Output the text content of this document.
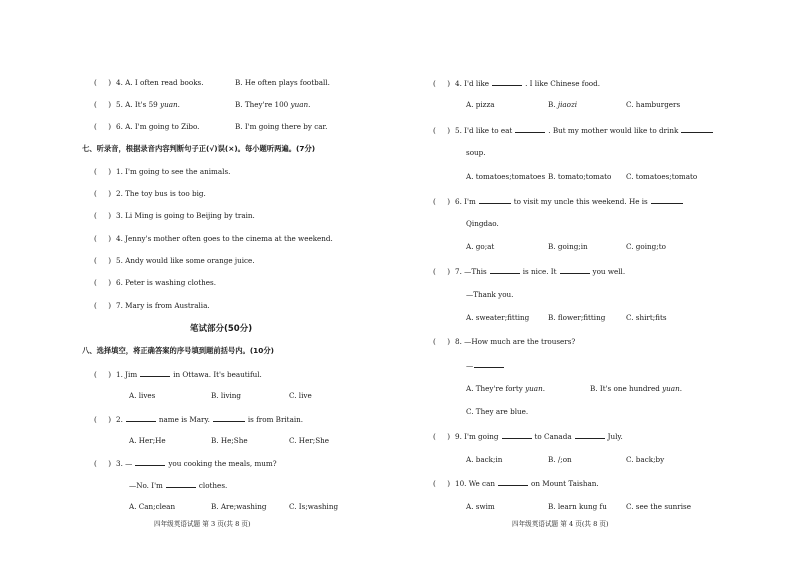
(     ) 4. A. I often read books.	B. He often plays football.
(     ) 5. A. It's 59 yuan.	B. They're 100 yuan.
(     ) 6. A. I'm going to Zibo.	B. I'm going there by car.
七、听录音，根据录音内容判断句子正(√)误(×)。每小题听两遍。(7分)
(     ) 1. I'm going to see the animals.
(     ) 2. The toy bus is too big.
(     ) 3. Li Ming is going to Beijing by train.
(     ) 4. Jenny's mother often goes to the cinema at the weekend.
(     ) 5. Andy would like some orange juice.
(     ) 6. Peter is washing clothes.
(     ) 7. Mary is from Australia.
笔试部分(50分)
八、选择填空，将正确答案的序号填到题前括号内。(10分)
(     ) 1. Jim	in Ottawa. It's beautiful.
A. lives	B. living	C. live
(     ) 2.	name is Mary.	is from Britain.
A. Her;He	B. He;She	C. Her;She
(     ) 3. —	you cooking the meals, mum?
—No. I'm	clothes.
A. Can;clean	B. Are;washing	C. Is;washing
四年级英语试题 第 3 页(共 8 页)
(     ) 4. I'd like	. I like Chinese food.
A. pizza	B. jiaozi	C. hamburgers
(     ) 5. I'd like to eat	. But my mother would like to drink
soup.
A. tomatoes;tomatoes B. tomato;tomato C. tomatoes;tomato
(     ) 6. I'm	to visit my uncle this weekend. He is
Qingdao.
A. go;at	B. going;in	C. going;to
(     ) 7. —This	is nice. It	you well.
—Thank you.
A. sweater;fitting	B. flower;fitting	C. shirt;fits
(     ) 8. —How much are the trousers?
—
A. They're forty yuan.	B. It's one hundred yuan.
C. They are blue.
(     ) 9. I'm going	to Canada	July.
A. back;in	B. /;on	C. back;by
(     ) 10. We can	on Mount Taishan.
A. swim	B. learn kung fu	C. see the sunrise
四年级英语试题 第 4 页(共 8 页)
